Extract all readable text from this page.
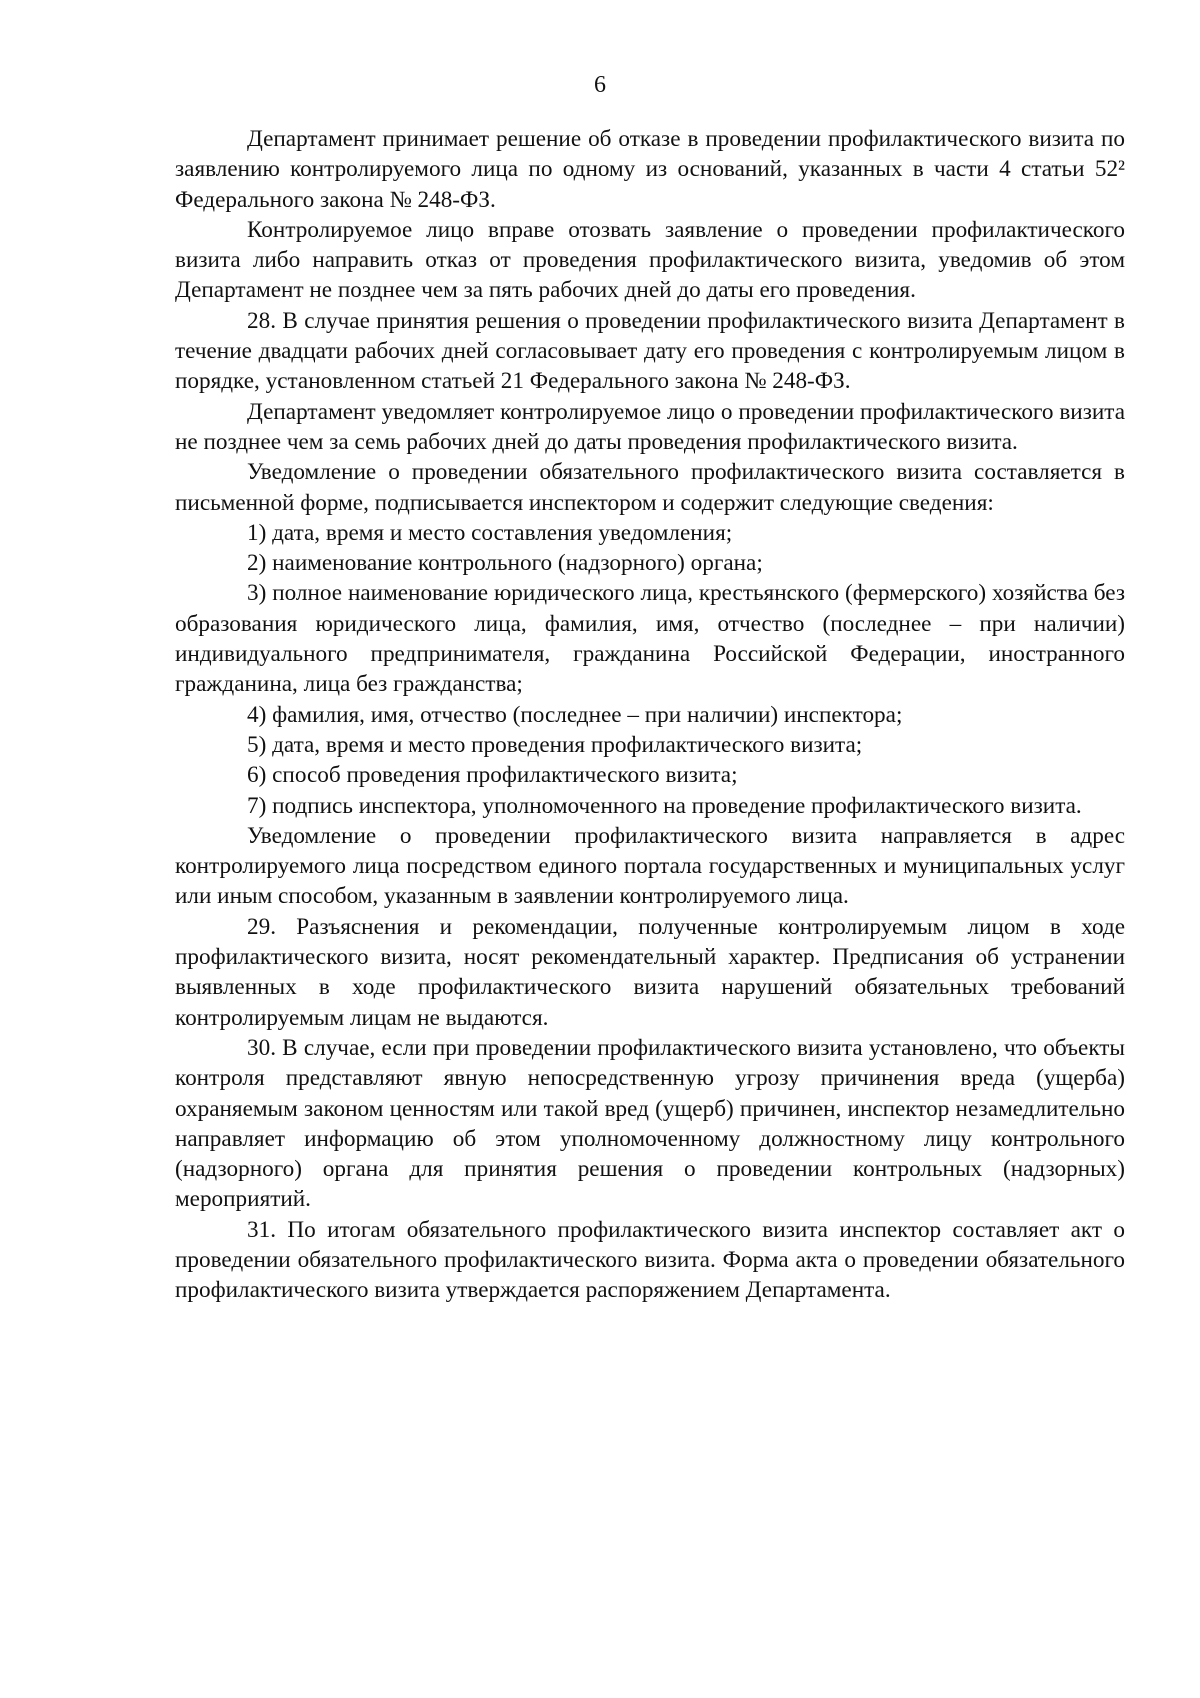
6

Департамент принимает решение об отказе в проведении профилактического визита по заявлению контролируемого лица по одному из оснований, указанных в части 4 статьи 52² Федерального закона № 248-ФЗ.

Контролируемое лицо вправе отозвать заявление о проведении профилактического визита либо направить отказ от проведения профилактического визита, уведомив об этом Департамент не позднее чем за пять рабочих дней до даты его проведения.

28. В случае принятия решения о проведении профилактического визита Департамент в течение двадцати рабочих дней согласовывает дату его проведения с контролируемым лицом в порядке, установленном статьей 21 Федерального закона № 248-ФЗ.

Департамент уведомляет контролируемое лицо о проведении профилактического визита не позднее чем за семь рабочих дней до даты проведения профилактического визита.

Уведомление о проведении обязательного профилактического визита составляется в письменной форме, подписывается инспектором и содержит следующие сведения:

1) дата, время и место составления уведомления;

2) наименование контрольного (надзорного) органа;

3) полное наименование юридического лица, крестьянского (фермерского) хозяйства без образования юридического лица, фамилия, имя, отчество (последнее – при наличии) индивидуального предпринимателя, гражданина Российской Федерации, иностранного гражданина, лица без гражданства;

4) фамилия, имя, отчество (последнее – при наличии) инспектора;

5) дата, время и место проведения профилактического визита;

6) способ проведения профилактического визита;

7) подпись инспектора, уполномоченного на проведение профилактического визита.

Уведомление о проведении профилактического визита направляется в адрес контролируемого лица посредством единого портала государственных и муниципальных услуг или иным способом, указанным в заявлении контролируемого лица.

29. Разъяснения и рекомендации, полученные контролируемым лицом в ходе профилактического визита, носят рекомендательный характер. Предписания об устранении выявленных в ходе профилактического визита нарушений обязательных требований контролируемым лицам не выдаются.

30. В случае, если при проведении профилактического визита установлено, что объекты контроля представляют явную непосредственную угрозу причинения вреда (ущерба) охраняемым законом ценностям или такой вред (ущерб) причинен, инспектор незамедлительно направляет информацию об этом уполномоченному должностному лицу контрольного (надзорного) органа для принятия решения о проведении контрольных (надзорных) мероприятий.

31. По итогам обязательного профилактического визита инспектор составляет акт о проведении обязательного профилактического визита. Форма акта о проведении обязательного профилактического визита утверждается распоряжением Департамента.
